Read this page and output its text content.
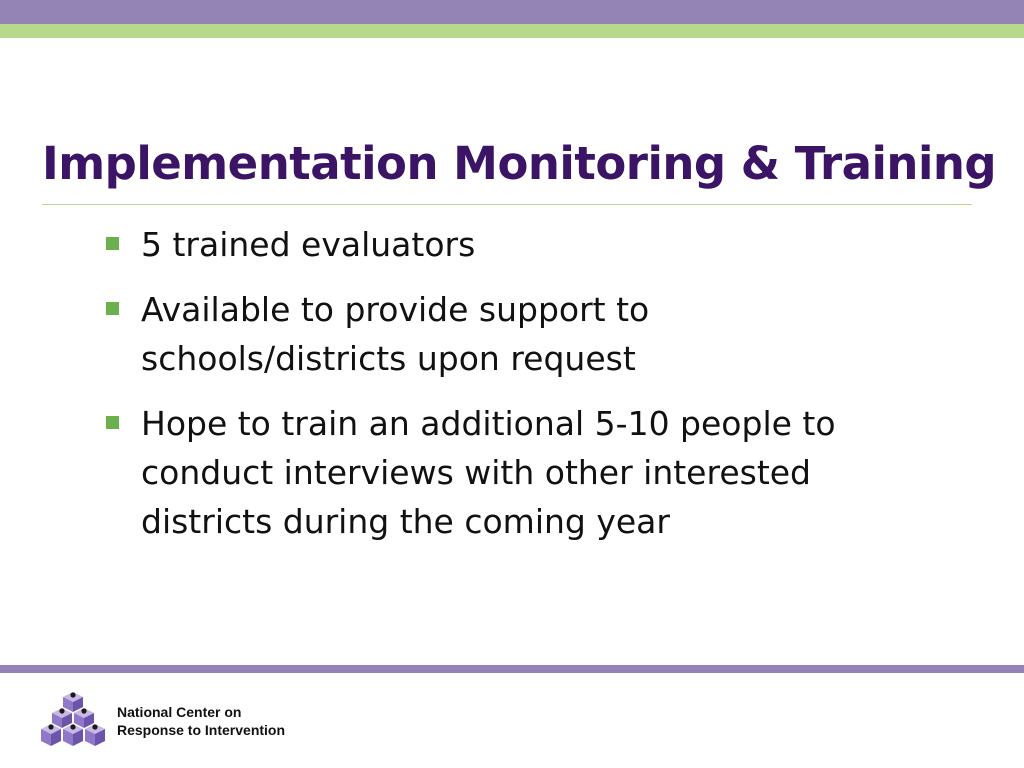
Implementation Monitoring & Training
5 trained evaluators
Available to provide support to schools/districts upon request
Hope to train an additional 5-10 people to conduct interviews with other interested districts during the coming year
National Center on
Response to Intervention
